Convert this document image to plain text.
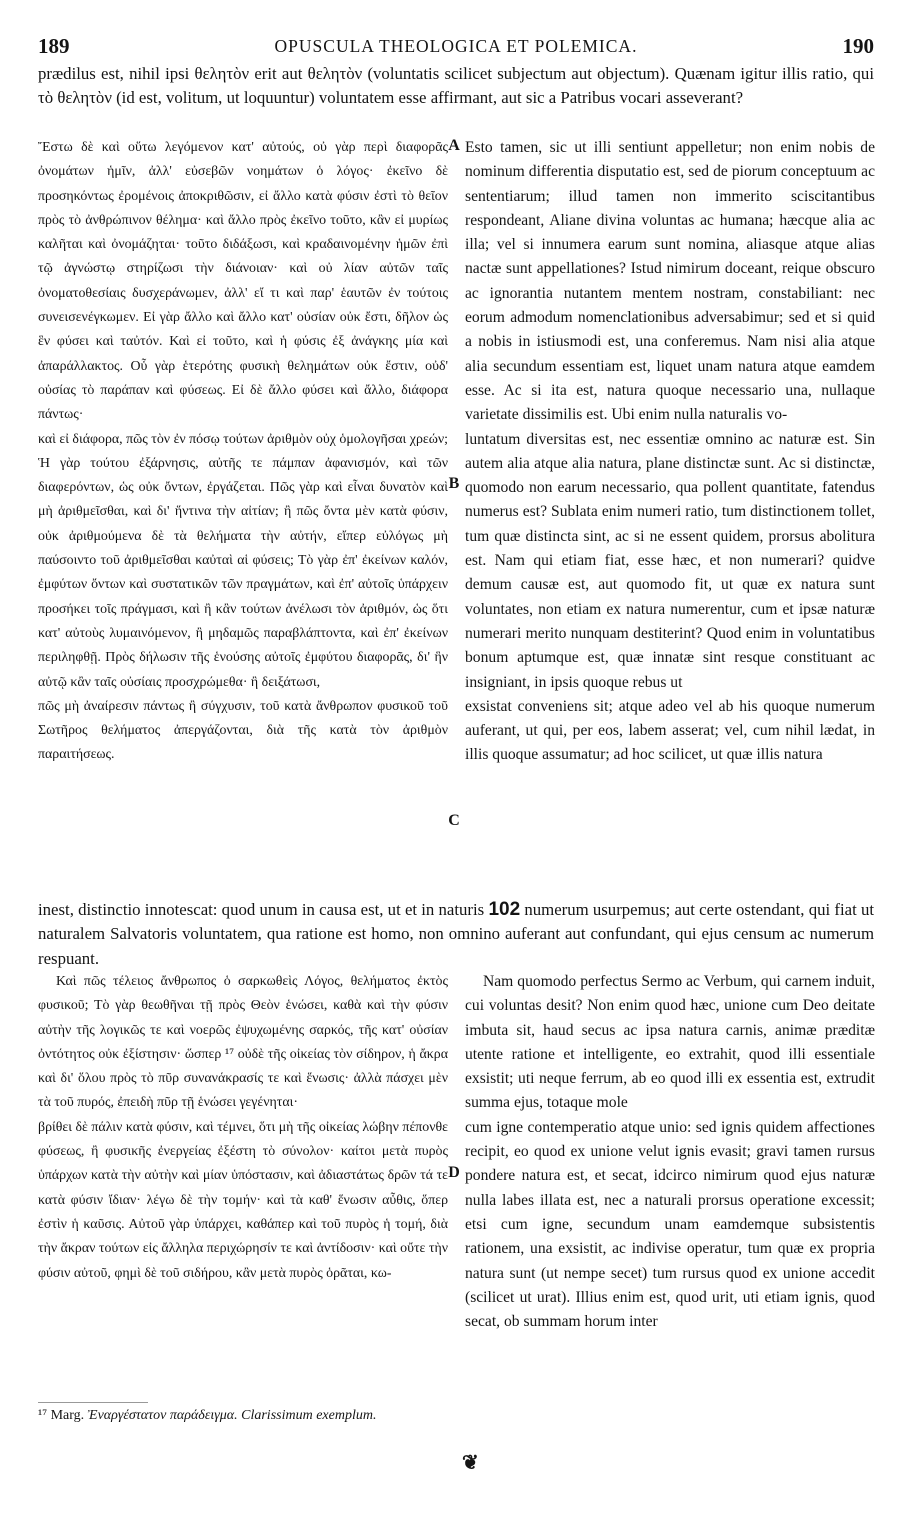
189	OPUSCULA THEOLOGICA ET POLEMICA.	190

prædilus est, nihil ipsi θελητὸν erit aut θελητὸν (voluntatis scilicet subjectum aut objectum). Quænam igitur illis ratio, qui τὸ θελητὸν (id est, volitum, ut loquuntur) voluntatem esse affirmant, aut sic a Patribus vocari asseverant?

Ἔστω δὲ καὶ οὕτω λεγόμενον κατ' αὐτούς, οὐ γὰρ περὶ διαφορᾶς ὀνομάτων ἡμῖν, ἀλλ' εὐσεβῶν νοημάτων ὁ λόγος· ἐκεῖνο δὲ προσηκόντως ἐρομένοις ἀποκριθῶσιν, εἰ ἄλλο κατὰ φύσιν ἐστὶ τὸ θεῖον πρὸς τὸ ἀνθρώπινον θέλημα· καὶ ἄλλο πρὸς ἐκεῖνο τοῦτο, κἂν εἰ μυρίως καλῆται καὶ ὀνομάζηται· τοῦτο διδάξωσι, καὶ κραδαινομένην ἡμῶν ἐπὶ τῷ ἀγνώστῳ στηρίζωσι τὴν διάνοιαν· καὶ οὐ λίαν αὐτῶν ταῖς ὀνοματοθεσίαις δυσχεράνωμεν, ἀλλ' εἴ τι καὶ παρ' ἑαυτῶν ἐν τούτοις συνεισενέγκωμεν. Εἰ γὰρ ἄλλο καὶ ἄλλο κατ' οὐσίαν οὐκ ἔστι, δῆλον ὡς ἓν φύσει καὶ ταὐτόν. Καὶ εἰ τοῦτο, καὶ ἡ φύσις ἐξ ἀνάγκης μία καὶ ἀπαράλλακτος. Οὗ γὰρ ἑτερότης φυσικὴ θελημάτων οὐκ ἔστιν, οὐδ' οὐσίας τὸ παράπαν καὶ φύσεως. Εἰ δὲ ἄλλο φύσει καὶ ἄλλο, διάφορα πάντως·

καὶ εἰ διάφορα, πῶς τὸν ἐν πόσῳ τούτων ἀριθμὸν οὐχ ὁμολογῆσαι χρεών; Ἡ γὰρ τούτου ἐξάρνησις, αὐτῆς τε πάμπαν ἀφανισμόν, καὶ τῶν διαφερόντων, ὡς οὐκ ὄντων, ἐργάζεται. Πῶς γὰρ καὶ εἶναι δυνατὸν καὶ μὴ ἀριθμεῖσθαι, καὶ δι' ἥντινα τὴν αἰτίαν; ἢ πῶς ὄντα μὲν κατὰ φύσιν, οὐκ ἀριθμούμενα δὲ τὰ θελήματα τὴν αὐτήν, εἴπερ εὐλόγως μὴ παύσοιντο τοῦ ἀριθμεῖσθαι καὐταὶ αἱ φύσεις; Τὸ γὰρ ἐπ' ἐκείνων καλόν, ἐμφύτων ὄντων καὶ συστατικῶν τῶν πραγμάτων, καὶ ἐπ' αὐτοῖς ὑπάρχειν προσήκει τοῖς πράγμασι, καὶ ἢ κἂν τούτων ἀνέλωσι τὸν ἀριθμόν, ὡς ὅτι κατ' αὐτοὺς λυμαινόμενον, ἢ μηδαμῶς παραβλάπτοντα, καὶ ἐπ' ἐκείνων περιληφθῇ. Πρὸς δήλωσιν τῆς ἑνούσης αὐτοῖς ἐμφύτου διαφορᾶς, δι' ἣν αὐτῷ κἂν ταῖς οὐσίαις προσχρώμεθα· ἢ δειξάτωσι,

πῶς μὴ ἀναίρεσιν πάντως ἢ σύγχυσιν, τοῦ κατὰ ἄνθρωπον φυσικοῦ τοῦ Σωτῆρος θελήματος ἀπεργάζονται, διὰ τῆς κατὰ τὸν ἀριθμὸν παραιτήσεως.

Esto tamen, sic ut illi sentiunt appelletur; non enim nobis de nominum differentia disputatio est, sed de piorum conceptuum ac sententiarum; illud tamen non immerito sciscitantibus respondeant, Aliane divina voluntas ac humana; hæcque alia ac illa; vel si innumera earum sunt nomina, aliasque atque alias nactæ sunt appellationes? Istud nimirum doceant, reique obscuro ac ignorantia nutantem mentem nostram, constabiliant: nec eorum admodum nomenclationibus adversabimur; sed et si quid a nobis in istiusmodi est, una conferemus. Nam nisi alia atque alia secundum essentiam est, liquet unam natura atque eamdem esse. Ac si ita est, natura quoque necessario una, nullaque varietate dissimilis est. Ubi enim nulla naturalis vo-

luntatum diversitas est, nec essentiæ omnino ac naturæ est. Sin autem alia atque alia natura, plane distinctæ sunt. Ac si distinctæ, quomodo non earum necessario, qua pollent quantitate, fatendus numerus est? Sublata enim numeri ratio, tum distinctionem tollet, tum quæ distincta sint, ac si ne essent quidem, prorsus abolitura est. Nam qui etiam fiat, esse hæc, et non numerari? quidve demum causæ est, aut quomodo fit, ut quæ ex natura sunt voluntates, non etiam ex natura numerentur, cum et ipsæ naturæ numerari merito nunquam destiterint? Quod enim in voluntatibus bonum aptumque est, quæ innatæ sint resque constituant ac insigniant, in ipsis quoque rebus ut

exsistat conveniens sit; atque adeo vel ab his quoque numerum auferant, ut qui, per eos, labem asserat; vel, cum nihil lædat, in illis quoque assumatur; ad hoc scilicet, ut quæ illis natura

A
B
C

inest, distinctio innotescat: quod unum in causa est, ut et in naturis 102 numerum usurpemus; aut certe ostendant, qui fiat ut naturalem Salvatoris voluntatem, qua ratione est homo, non omnino auferant aut confundant, qui ejus censum ac numerum respuant.

Καὶ πῶς τέλειος ἄνθρωπος ὁ σαρκωθεὶς Λόγος, θελήματος ἐκτὸς φυσικοῦ; Τὸ γὰρ θεωθῆναι τῇ πρὸς Θεὸν ἑνώσει, καθὰ καὶ τὴν φύσιν αὐτὴν τῆς λογικῶς τε καὶ νοερῶς ἐψυχωμένης σαρκός, τῆς κατ' οὐσίαν ὀντότητος οὐκ ἐξίστησιν· ὥσπερ ¹⁷ οὐδὲ τῆς οἰκείας τὸν σίδηρον, ἡ ἄκρα καὶ δι' ὅλου πρὸς τὸ πῦρ συνανάκρασίς τε καὶ ἕνωσις· ἀλλὰ πάσχει μὲν τὰ τοῦ πυρός, ἐπειδὴ πῦρ τῇ ἑνώσει γεγένηται·

βρίθει δὲ πάλιν κατὰ φύσιν, καὶ τέμνει, ὅτι μὴ τῆς οἰκείας λώβην πέπονθε φύσεως, ἢ φυσικῆς ἐνεργείας ἐξέστη τὸ σύνολον· καίτοι μετὰ πυρὸς ὑπάρχων κατὰ τὴν αὐτὴν καὶ μίαν ὑπόστασιν, καὶ ἀδιαστάτως δρῶν τά τε κατὰ φύσιν ἴδιαν· λέγω δὲ τὴν τομήν· καὶ τὰ καθ' ἕνωσιν αὖθις, ὅπερ ἐστὶν ἡ καῦσις. Αὐτοῦ γὰρ ὑπάρχει, καθάπερ καὶ τοῦ πυρὸς ἡ τομή, διὰ τὴν ἄκραν τούτων εἰς ἄλληλα περιχώρησίν τε καὶ ἀντίδοσιν· καὶ οὔτε τὴν φύσιν αὐτοῦ, φημὶ δὲ τοῦ σιδήρου, κἂν μετὰ πυρὸς ὁρᾶται, κω-

Nam quomodo perfectus Sermo ac Verbum, qui carnem induit, cui voluntas desit? Non enim quod hæc, unione cum Deo deitate imbuta sit, haud secus ac ipsa natura carnis, animæ præditæ utente ratione et intelligente, eo extrahit, quod illi essentiale exsistit; uti neque ferrum, ab eo quod illi ex essentia est, extrudit summa ejus, totaque mole

cum igne contemperatio atque unio: sed ignis quidem affectiones recipit, eo quod ex unione velut ignis evasit; gravi tamen rursus pondere natura est, et secat, idcirco nimirum quod ejus naturæ nulla labes illata est, nec a naturali prorsus operatione excessit; etsi cum igne, secundum unam eamdemque subsistentis rationem, una exsistit, ac indivise operatur, tum quæ ex propria natura sunt (ut nempe secet) tum rursus quod ex unione accedit (scilicet ut urat). Illius enim est, quod urit, uti etiam ignis, quod secat, ob summam horum inter

D
¹⁷ Marg. Ἐναργέστατον παράδειγμα. Clarissimum exemplum.
❦
